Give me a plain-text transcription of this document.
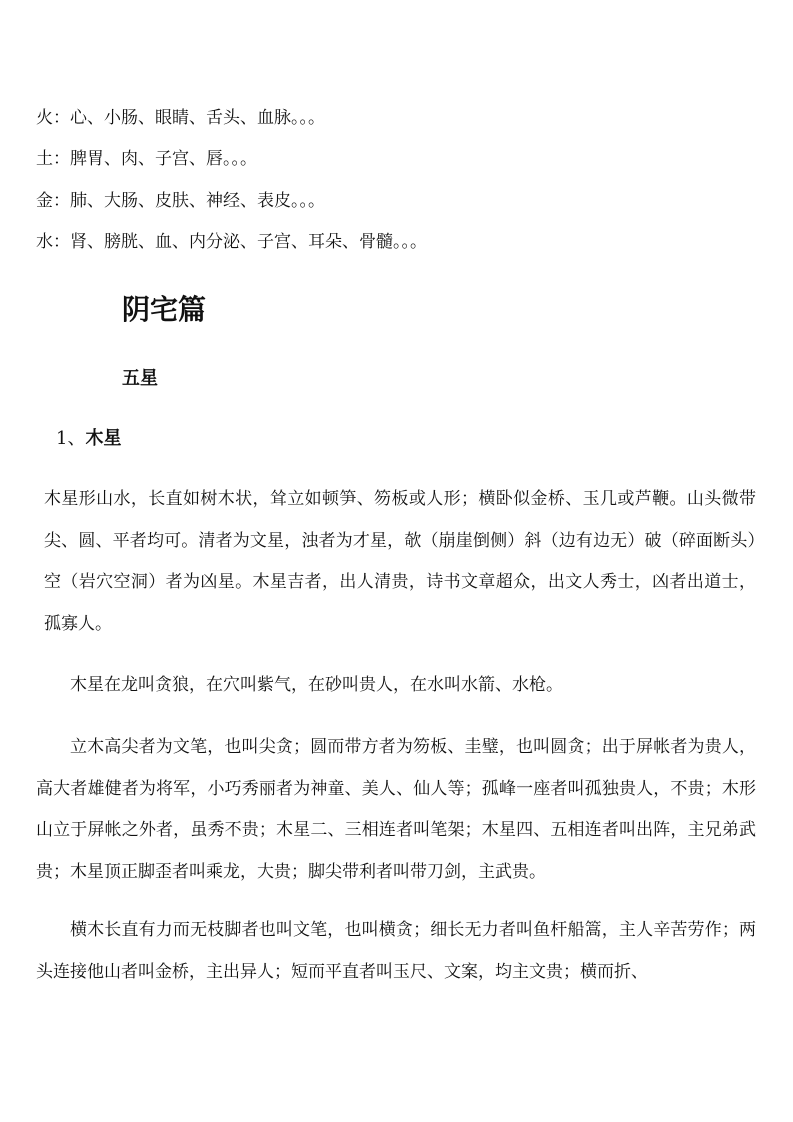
火：心、小肠、眼睛、舌头、血脉。。。
土：脾胃、肉、子宫、唇。。。
金：肺、大肠、皮肤、神经、表皮。。。
水：肾、膀胱、血、内分泌、子宫、耳朵、骨髓。。。
阴宅篇
五星
1、木星

木星形山水，长直如树木状，耸立如顿笋、笏板或人形；横卧似金桥、玉几或芦鞭。山头微带尖、圆、平者均可。清者为文星，浊者为才星，欹（崩崖倒侧）斜（边有边无）破（碎面断头）空（岩穴空洞）者为凶星。木星吉者，出人清贵，诗书文章超众，出文人秀士，凶者出道士，孤寡人。

木星在龙叫贪狼，在穴叫紫气，在砂叫贵人，在水叫水箭、水枪。

立木高尖者为文笔，也叫尖贪；圆而带方者为笏板、圭璧，也叫圆贪；出于屏帐者为贵人，高大者雄健者为将军，小巧秀丽者为神童、美人、仙人等；孤峰一座者叫孤独贵人，不贵；木形山立于屏帐之外者，虽秀不贵；木星二、三相连者叫笔架；木星四、五相连者叫出阵，主兄弟武贵；木星顶正脚歪者叫乘龙，大贵；脚尖带利者叫带刀剑，主武贵。

横木长直有力而无枝脚者也叫文笔，也叫横贪；细长无力者叫鱼杆船篙，主人辛苦劳作；两头连接他山者叫金桥，主出异人；短而平直者叫玉尺、文案，均主文贵；横而折、
